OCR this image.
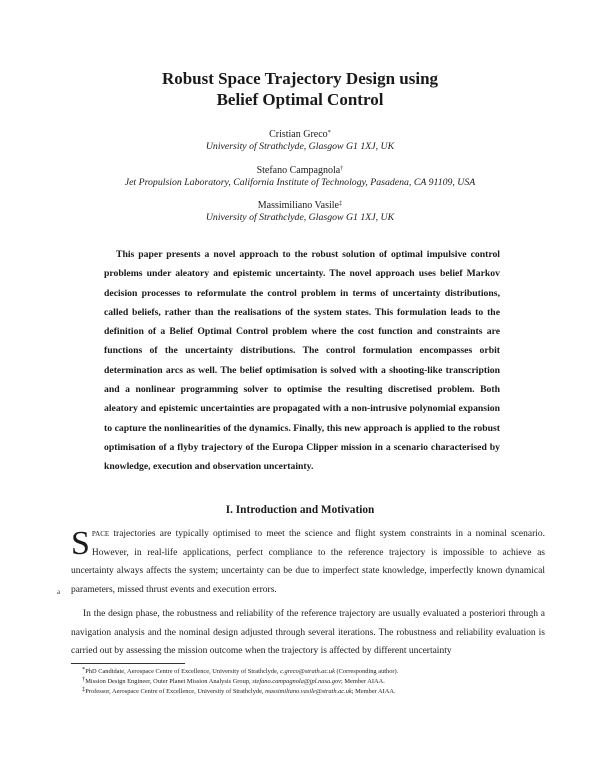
Robust Space Trajectory Design using
Belief Optimal Control
Cristian Greco*
University of Strathclyde, Glasgow G1 1XJ, UK
Stefano Campagnola†
Jet Propulsion Laboratory, California Institute of Technology, Pasadena, CA 91109, USA
Massimiliano Vasile‡
University of Strathclyde, Glasgow G1 1XJ, UK

This paper presents a novel approach to the robust solution of optimal impulsive control problems under aleatory and epistemic uncertainty. The novel approach uses belief Markov decision processes to reformulate the control problem in terms of uncertainty distributions, called beliefs, rather than the realisations of the system states. This formulation leads to the definition of a Belief Optimal Control problem where the cost function and constraints are functions of the uncertainty distributions. The control formulation encompasses orbit determination arcs as well. The belief optimisation is solved with a shooting-like transcription and a nonlinear programming solver to optimise the resulting discretised problem. Both aleatory and epistemic uncertainties are propagated with a non-intrusive polynomial expansion to capture the nonlinearities of the dynamics. Finally, this new approach is applied to the robust optimisation of a flyby trajectory of the Europa Clipper mission in a scenario characterised by knowledge, execution and observation uncertainty.

I. Introduction and Motivation

SPACE trajectories are typically optimised to meet the science and flight system constraints in a nominal scenario. However, in real-life applications, perfect compliance to the reference trajectory is impossible to achieve as uncertainty always affects the system; uncertainty can be due to imperfect state knowledge, imperfectly known dynamical parameters, missed thrust events and execution errors.

a

In the design phase, the robustness and reliability of the reference trajectory are usually evaluated a posteriori through a navigation analysis and the nominal design adjusted through several iterations. The robustness and reliability evaluation is carried out by assessing the mission outcome when the trajectory is affected by different uncertainty

*PhD Candidate, Aerospace Centre of Excellence, University of Strathclyde, c.greco@strath.ac.uk (Corresponding author).
†Mission Design Engineer, Outer Planet Mission Analysis Group, stefano.campagnola@jpl.nasa.gov; Member AIAA.
‡Professor, Aerospace Centre of Excellence, University of Strathclyde, massimiliano.vasile@strath.ac.uk; Member AIAA.
